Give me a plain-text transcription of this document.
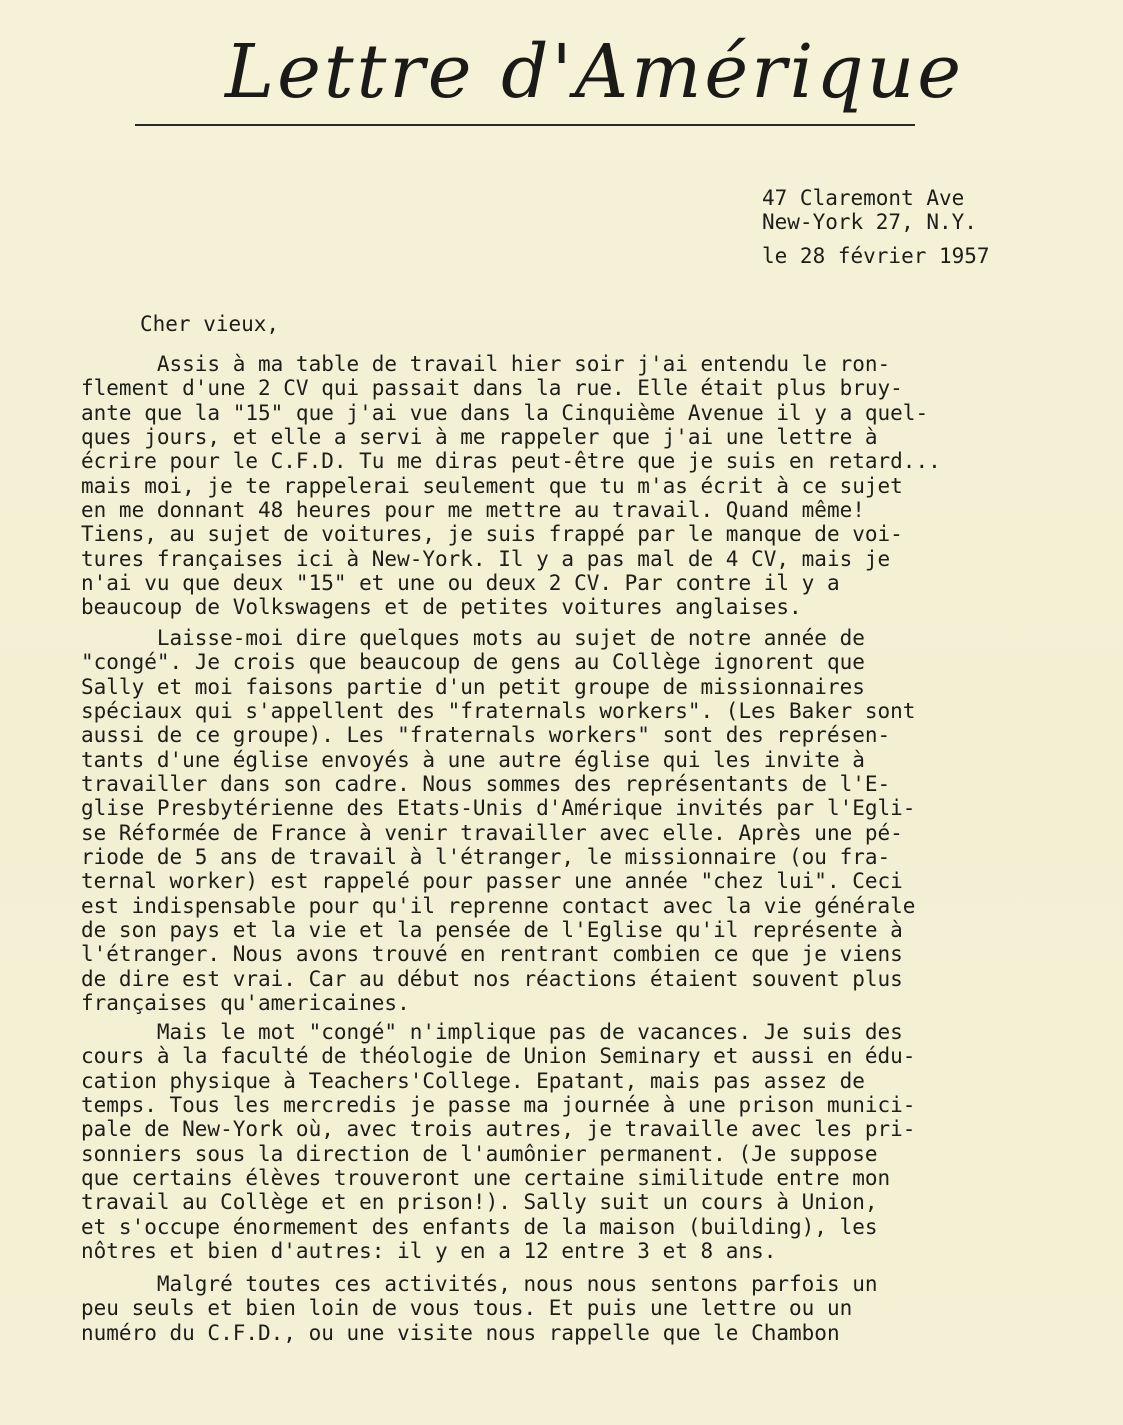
Lettre d'Amérique
47 Claremont Ave
New-York 27, N.Y.
le 28 février 1957
Cher vieux,
Assis à ma table de travail hier soir j'ai entendu le ron-
flement d'une 2 CV qui passait dans la rue. Elle était plus bruy-
ante que la "15" que j'ai vue dans la Cinquième Avenue il y a quel-
ques jours, et elle a servi à me rappeler que j'ai une lettre à
écrire pour le C.F.D. Tu me diras peut-être que je suis en retard...
mais moi, je te rappelerai seulement que tu m'as écrit à ce sujet
en me donnant 48 heures pour me mettre au travail. Quand même!
Tiens, au sujet de voitures, je suis frappé par le manque de voi-
tures françaises ici à New-York. Il y a pas mal de 4 CV, mais je
n'ai vu que deux "15" et une ou deux 2 CV. Par contre il y a
beaucoup de Volkswagens et de petites voitures anglaises.
Laisse-moi dire quelques mots au sujet de notre année de
"congé". Je crois que beaucoup de gens au Collège ignorent que
Sally et moi faisons partie d'un petit groupe de missionnaires
spéciaux qui s'appellent des "fraternals workers". (Les Baker sont
aussi de ce groupe). Les "fraternals workers" sont des représen-
tants d'une église envoyés à une autre église qui les invite à
travailler dans son cadre. Nous sommes des représentants de l'E-
glise Presbytérienne des Etats-Unis d'Amérique invités par l'Egli-
se Réformée de France à venir travailler avec elle. Après une pé-
riode de 5 ans de travail à l'étranger, le missionnaire (ou fra-
ternal worker) est rappelé pour passer une année "chez lui". Ceci
est indispensable pour qu'il reprenne contact avec la vie générale
de son pays et la vie et la pensée de l'Eglise qu'il représente à
l'étranger. Nous avons trouvé en rentrant combien ce que je viens
de dire est vrai. Car au début nos réactions étaient souvent plus
françaises qu'americaines.
Mais le mot "congé" n'implique pas de vacances. Je suis des
cours à la faculté de théologie de Union Seminary et aussi en édu-
cation physique à Teachers'College. Epatant, mais pas assez de
temps. Tous les mercredis je passe ma journée à une prison munici-
pale de New-York où, avec trois autres, je travaille avec les pri-
sonniers sous la direction de l'aumônier permanent. (Je suppose
que certains élèves trouveront une certaine similitude entre mon
travail au Collège et en prison!). Sally suit un cours à Union,
et s'occupe énormement des enfants de la maison (building), les
nôtres et bien d'autres: il y en a 12 entre 3 et 8 ans.
Malgré toutes ces activités, nous nous sentons parfois un
peu seuls et bien loin de vous tous. Et puis une lettre ou un
numéro du C.F.D., ou une visite nous rappelle que le Chambon
